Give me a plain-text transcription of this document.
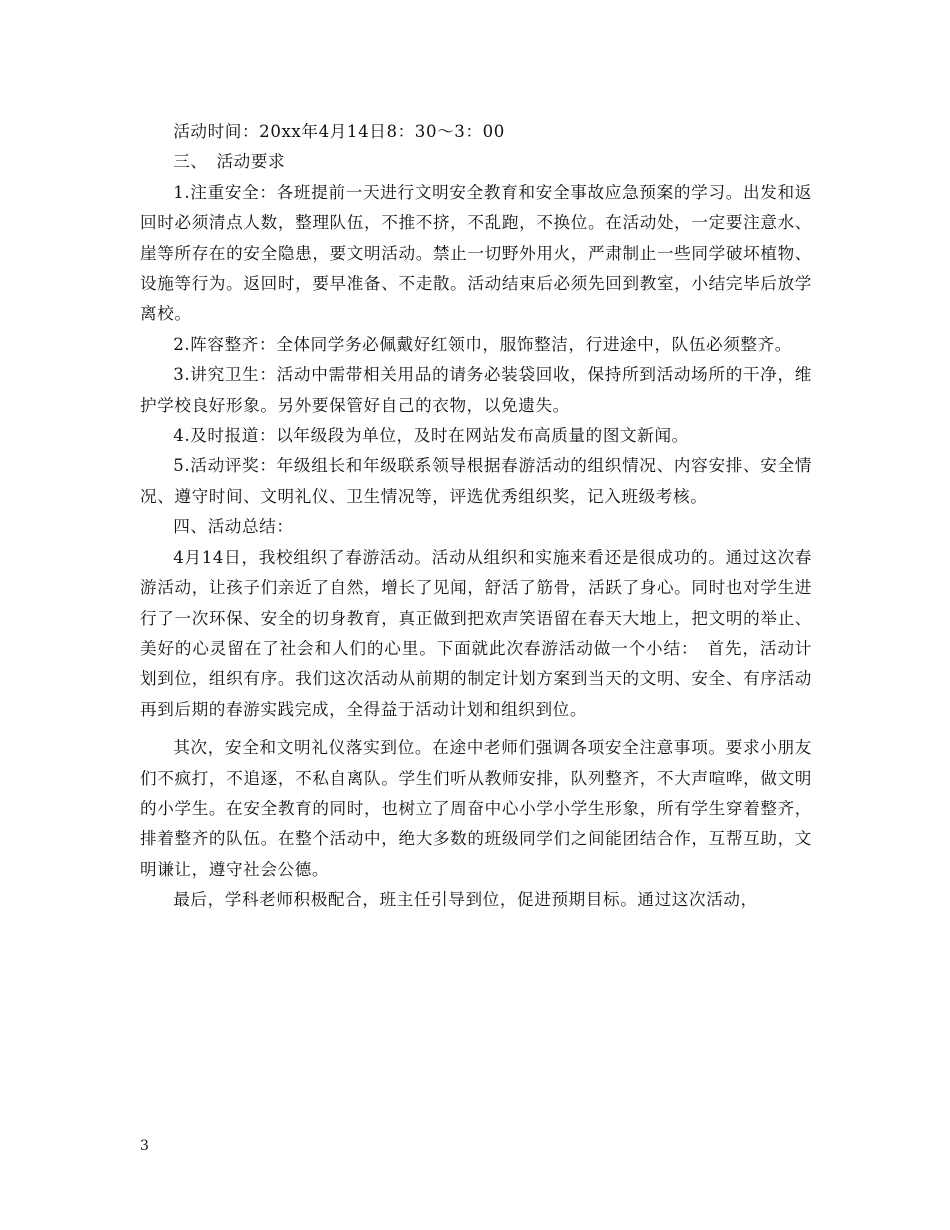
活动时间：20xx年4月14日8：30～3：00

三、　活动要求

1.注重安全：各班提前一天进行文明安全教育和安全事故应急预案的学习。出发和返回时必须清点人数，整理队伍，不推不挤，不乱跑，不换位。在活动处，一定要注意水、崖等所存在的安全隐患，要文明活动。禁止一切野外用火，严肃制止一些同学破坏植物、设施等行为。返回时，要早准备、不走散。活动结束后必须先回到教室，小结完毕后放学离校。

2.阵容整齐：全体同学务必佩戴好红领巾，服饰整洁，行进途中，队伍必须整齐。

3.讲究卫生：活动中需带相关用品的请务必装袋回收，保持所到活动场所的干净，维护学校良好形象。另外要保管好自己的衣物，以免遗失。

4.及时报道：以年级段为单位，及时在网站发布高质量的图文新闻。

5.活动评奖：年级组长和年级联系领导根据春游活动的组织情况、内容安排、安全情况、遵守时间、文明礼仪、卫生情况等，评选优秀组织奖，记入班级考核。

四、活动总结：

4月14日，我校组织了春游活动。活动从组织和实施来看还是很成功的。通过这次春游活动，让孩子们亲近了自然，增长了见闻，舒活了筋骨，活跃了身心。同时也对学生进行了一次环保、安全的切身教育，真正做到把欢声笑语留在春天大地上，把文明的举止、美好的心灵留在了社会和人们的心里。下面就此次春游活动做一个小结：　首先，活动计划到位，组织有序。我们这次活动从前期的制定计划方案到当天的文明、安全、有序活动再到后期的春游实践完成，全得益于活动计划和组织到位。

其次，安全和文明礼仪落实到位。在途中老师们强调各项安全注意事项。要求小朋友们不疯打，不追逐，不私自离队。学生们听从教师安排，队列整齐，不大声喧哗，做文明的小学生。在安全教育的同时，也树立了周奋中心小学小学生形象，所有学生穿着整齐，排着整齐的队伍。在整个活动中，绝大多数的班级同学们之间能团结合作，互帮互助，文明谦让，遵守社会公德。

最后，学科老师积极配合，班主任引导到位，促进预期目标。通过这次活动，

3
